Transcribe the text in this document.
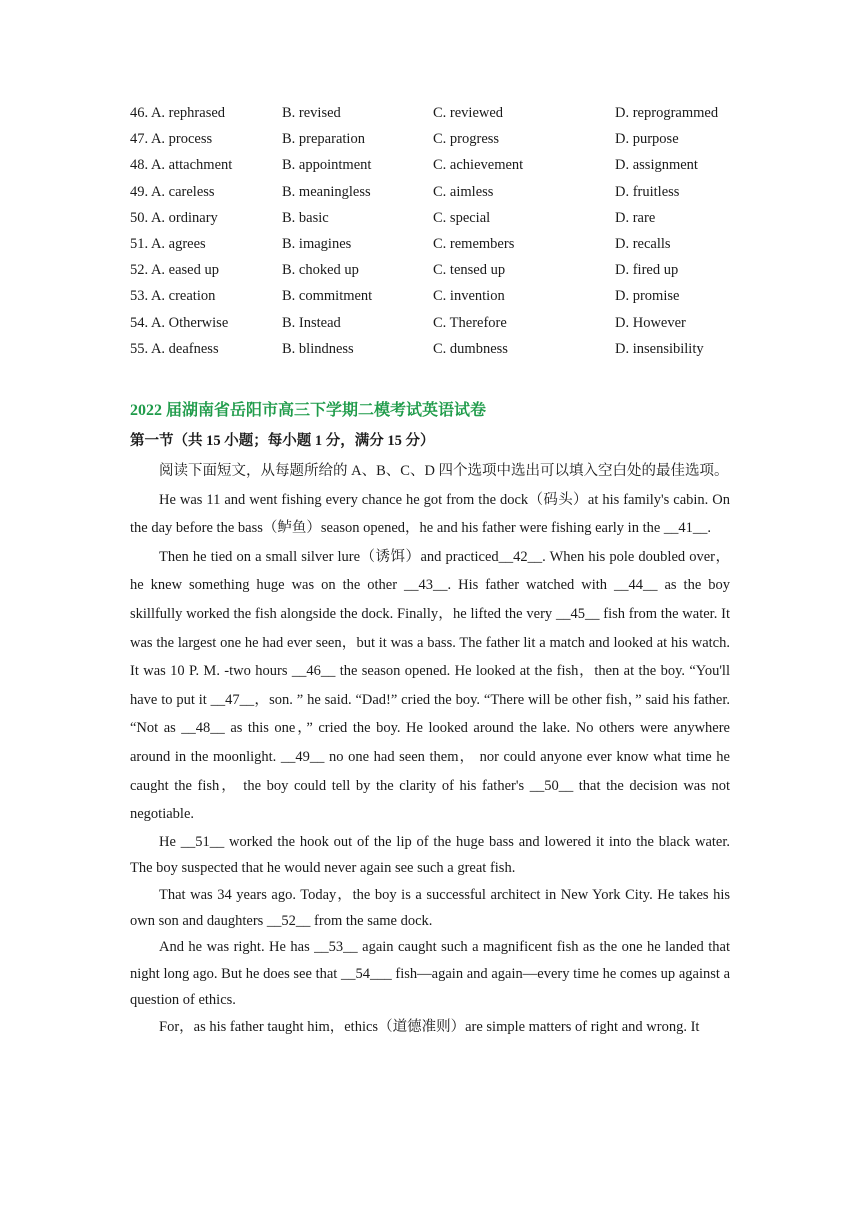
46. A. rephrased	B. revised	C. reviewed	D. reprogrammed
47. A. process	B. preparation	C. progress	D. purpose
48. A. attachment	B. appointment	C. achievement	D. assignment
49. A. careless	B. meaningless	C. aimless	D. fruitless
50. A. ordinary	B. basic	C. special	D. rare
51. A. agrees	B. imagines	C. remembers	D. recalls
52. A. eased up	B. choked up	C. tensed up	D. fired up
53. A. creation	B. commitment	C. invention	D. promise
54. A. Otherwise	B. Instead	C. Therefore	D. However
55. A. deafness	B. blindness	C. dumbness	D. insensibility
2022 届湖南省岳阳市高三下学期二模考试英语试卷
第一节（共 15 小题；每小题 1 分，满分 15 分）

阅读下面短文，从每题所给的 A、B、C、D 四个选项中选出可以填入空白处的最佳选项。

He was 11 and went fishing every chance he got from the dock（码头）at his family's cabin. On the day before the bass（鲈鱼）season opened，he and his father were fishing early in the __41__.

Then he tied on a small silver lure（诱饵）and practiced__42__. When his pole doubled over，he knew something huge was on the other __43__. His father watched with __44__ as the boy skillfully worked the fish alongside the dock. Finally，he lifted the very __45__ fish from the water. It was the largest one he had ever seen，but it was a bass. The father lit a match and looked at his watch. It was 10 P. M. -two hours __46__ the season opened. He looked at the fish，then at the boy. “You'll have to put it __47__，son. ” he said. “Dad!” cried the boy. “There will be other fish，” said his father. “Not as __48__ as this one，” cried the boy. He looked around the lake. No others were anywhere around in the moonlight. __49__ no one had seen them， nor could anyone ever know what time he caught the fish， the boy could tell by the clarity of his father's __50__ that the decision was not negotiable.

He __51__ worked the hook out of the lip of the huge bass and lowered it into the black water. The boy suspected that he would never again see such a great fish.

That was 34 years ago. Today，the boy is a successful architect in New York City. He takes his own son and daughters __52__ from the same dock.

And he was right. He has __53__ again caught such a magnificent fish as the one he landed that night long ago. But he does see that __54___ fish—again and again—every time he comes up against a question of ethics.

For，as his father taught him，ethics（道德准则）are simple matters of right and wrong. It
